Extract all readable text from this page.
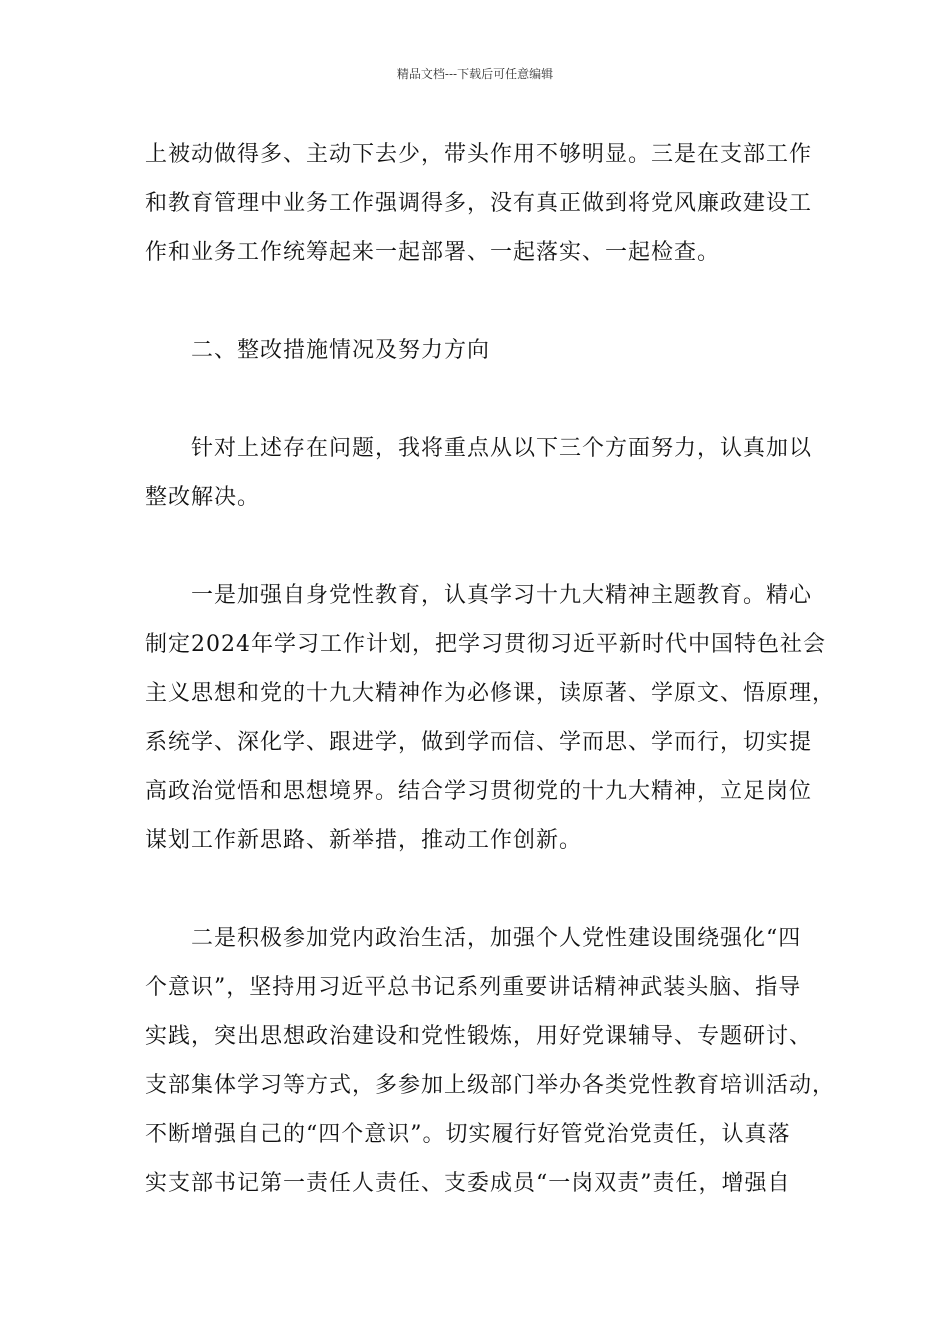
精品文档---下载后可任意编辑
上被动做得多、主动下去少，带头作用不够明显。三是在支部工作
和教育管理中业务工作强调得多，没有真正做到将党风廉政建设工
作和业务工作统筹起来一起部署、一起落实、一起检查。
二、整改措施情况及努力方向
针对上述存在问题，我将重点从以下三个方面努力，认真加以
整改解决。
一是加强自身党性教育，认真学习十九大精神主题教育。精心
制定2024年学习工作计划，把学习贯彻习近平新时代中国特色社会
主义思想和党的十九大精神作为必修课，读原著、学原文、悟原理，
系统学、深化学、跟进学，做到学而信、学而思、学而行，切实提
高政治觉悟和思想境界。结合学习贯彻党的十九大精神，立足岗位
谋划工作新思路、新举措，推动工作创新。
二是积极参加党内政治生活，加强个人党性建设围绕强化“四
个意识”，坚持用习近平总书记系列重要讲话精神武装头脑、指导
实践，突出思想政治建设和党性锻炼，用好党课辅导、专题研讨、
支部集体学习等方式，多参加上级部门举办各类党性教育培训活动，
不断增强自己的“四个意识”。切实履行好管党治党责任，认真落
实支部书记第一责任人责任、支委成员“一岗双责”责任，增强自
